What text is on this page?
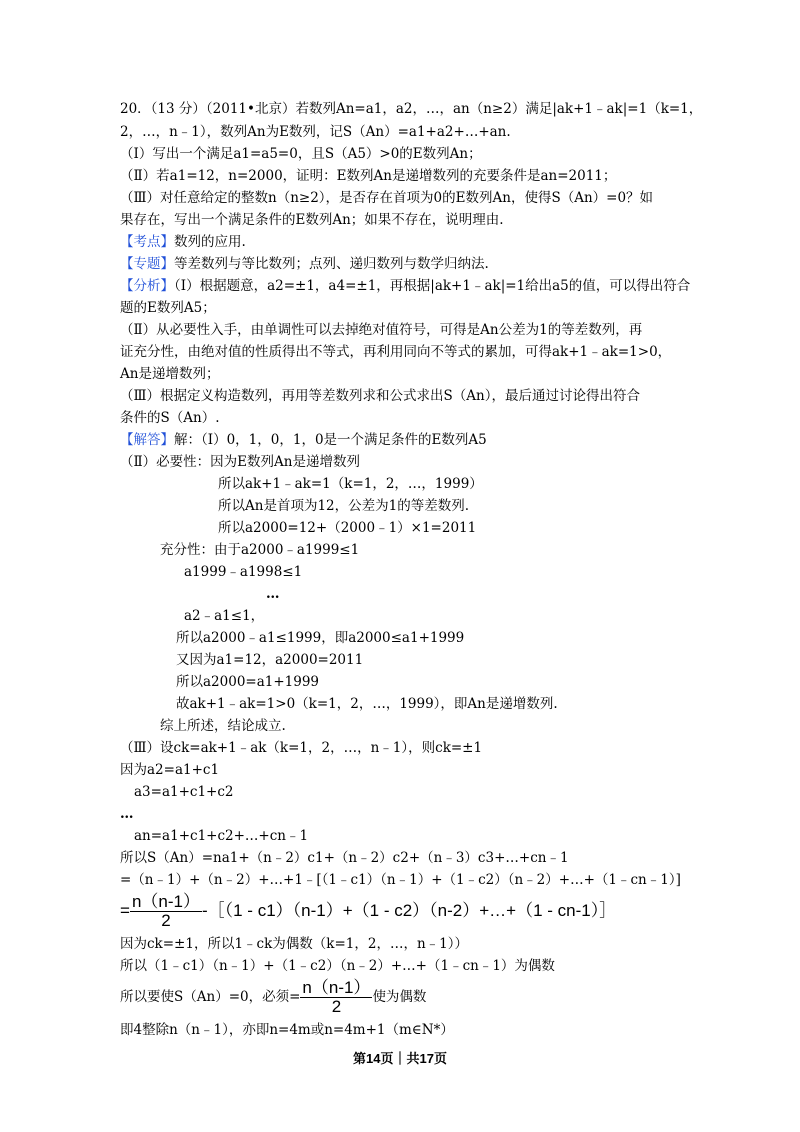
20．（13 分）（2011•北京）若数列An=a1，a2，…，an（n≥2）满足|ak+1﹣ak|=1（k=1，
2，…，n﹣1），数列An为E数列，记S（An）=a1+a2+…+an.
（Ⅰ）写出一个满足a1=a5=0，且S（A5）>0的E数列An；
（Ⅱ）若a1=12，n=2000，证明：E数列An是递增数列的充要条件是an=2011；
（Ⅲ）对任意给定的整数n（n≥2），是否存在首项为0的E数列An，使得S（An）=0？如
果存在，写出一个满足条件的E数列An；如果不存在，说明理由.
【考点】数列的应用.
【专题】等差数列与等比数列；点列、递归数列与数学归纳法.
【分析】（Ⅰ）根据题意，a2=±1，a4=±1，再根据|ak+1﹣ak|=1给出a5的值，可以得出符合
题的E数列A5；
（Ⅱ）从必要性入手，由单调性可以去掉绝对值符号，可得是An公差为1的等差数列，再
证充分性，由绝对值的性质得出不等式，再利用同向不等式的累加，可得ak+1﹣ak=1>0，
An是递增数列；
（Ⅲ）根据定义构造数列，再用等差数列求和公式求出S（An），最后通过讨论得出符合
条件的S（An）.
【解答】解：（Ⅰ）0，1，0，1，0是一个满足条件的E数列A5
（Ⅱ）必要性：因为E数列An是递增数列
所以ak+1﹣ak=1（k=1，2，…，1999）
所以An是首项为12，公差为1的等差数列.
所以a2000=12+（2000﹣1）×1=2011
充分性：由于a2000﹣a1999≤1
a1999﹣a1998≤1
…
a2﹣a1≤1，
所以a2000﹣a1≤1999，即a2000≤a1+1999
又因为a1=12，a2000=2011
所以a2000=a1+1999
故ak+1﹣ak=1>0（k=1，2，…，1999），即An是递增数列.
综上所述，结论成立.
（Ⅲ）设ck=ak+1﹣ak（k=1，2，…，n﹣1），则ck=±1
因为a2=a1+c1
a3=a1+c1+c2
…
an=a1+c1+c2+…+cn﹣1
所以S（An）=na1+（n﹣2）c1+（n﹣2）c2+（n﹣3）c3+…+cn﹣1
=（n﹣1）+（n﹣2）+…+1﹣[（1﹣c1）（n﹣1）+（1﹣c2）（n﹣2）+…+（1﹣cn﹣1）]
= $\frac{n(n-1)}{2}$ -［（1 - c1）（n-1）+（1 - c2）（n-2）+…+（1 - cn-1）］
因为ck=±1，所以1﹣ck为偶数（k=1，2，…，n﹣1））
所以（1﹣c1）（n﹣1）+（1﹣c2）（n﹣2）+…+（1﹣cn﹣1）为偶数
所以要使S（An）=0，必须= $\frac{n(n-1)}{2}$ 使为偶数
即4整除n（n﹣1），亦即n=4m或n=4m+1（m∈N*）
第14页｜共17页
